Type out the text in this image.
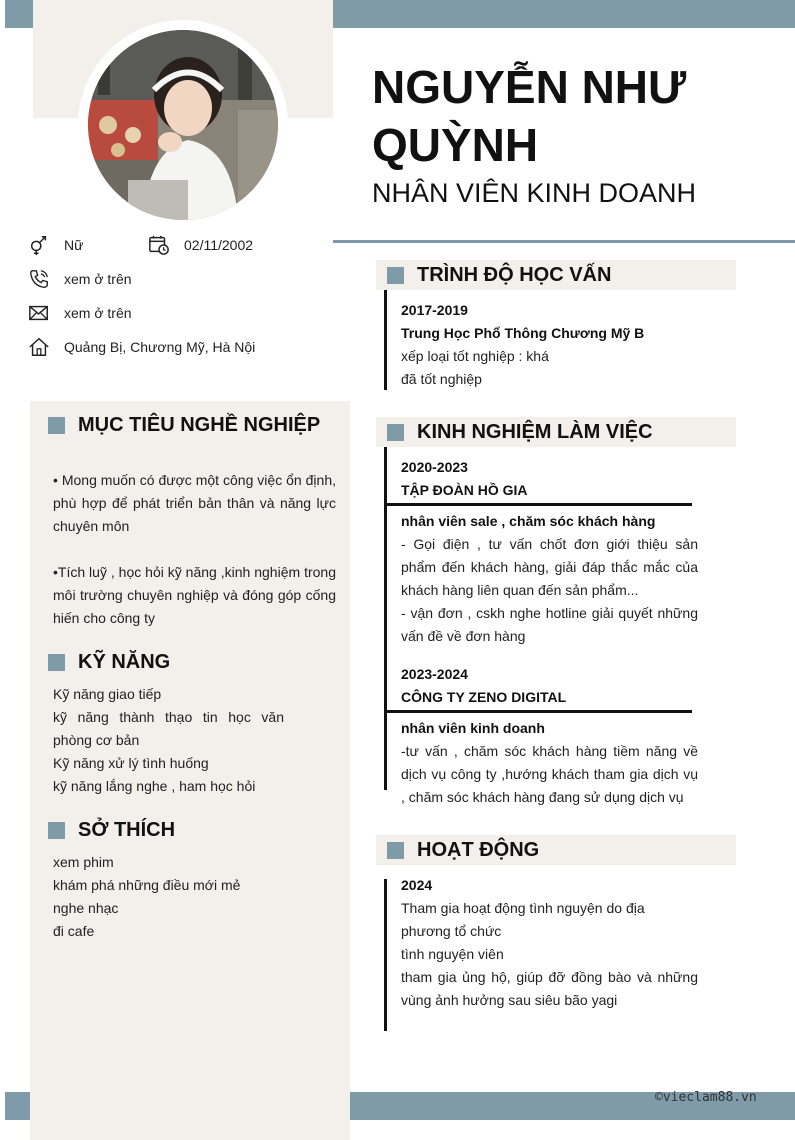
NGUYỄN NHƯ QUỲNH
NHÂN VIÊN KINH DOANH
Nữ	02/11/2002
xem ở trên
xem ở trên
Quảng Bị, Chương Mỹ, Hà Nội
MỤC TIÊU NGHỀ NGHIỆP
• Mong muốn có được một công việc ổn định, phù hợp để phát triển bản thân và năng lực chuyên môn
•Tích luỹ , học hỏi kỹ năng ,kinh nghiệm trong môi trường chuyên nghiệp và đóng góp cống hiến cho công ty
KỸ NĂNG
Kỹ năng giao tiếp
kỹ năng thành thạo tin học văn phòng cơ bản
Kỹ năng xử lý tình huống
kỹ năng lắng nghe , ham học hỏi
SỞ THÍCH
xem phim
khám phá những điều mới mẻ
nghe nhạc
đi cafe
TRÌNH ĐỘ HỌC VẤN
2017-2019
Trung Học Phổ Thông Chương Mỹ B
xếp loại tốt nghiệp : khá
đã tốt nghiệp
KINH NGHIỆM LÀM VIỆC
2020-2023
TẬP ĐOÀN HỒ GIA
nhân viên sale , chăm sóc khách hàng
- Gọi điện , tư vấn chốt đơn giới thiệu sản phẩm đến khách hàng, giải đáp thắc mắc của khách hàng liên quan đến sản phẩm...
- vận đơn , cskh nghe hotline giải quyết những vấn đề về đơn hàng
2023-2024
CÔNG TY ZENO DIGITAL
nhân viên kinh doanh
-tư vấn , chăm sóc khách hàng tiềm năng về dịch vụ công ty ,hướng khách tham gia dịch vụ , chăm sóc khách hàng đang sử dụng dịch vụ
HOẠT ĐỘNG
2024
Tham gia hoạt động tình nguyện do địa phương tổ chức
tình nguyện viên
tham gia ủng hộ, giúp đỡ đồng bào và những vùng ảnh hưởng sau siêu bão yagi
©vieclam88.vn
